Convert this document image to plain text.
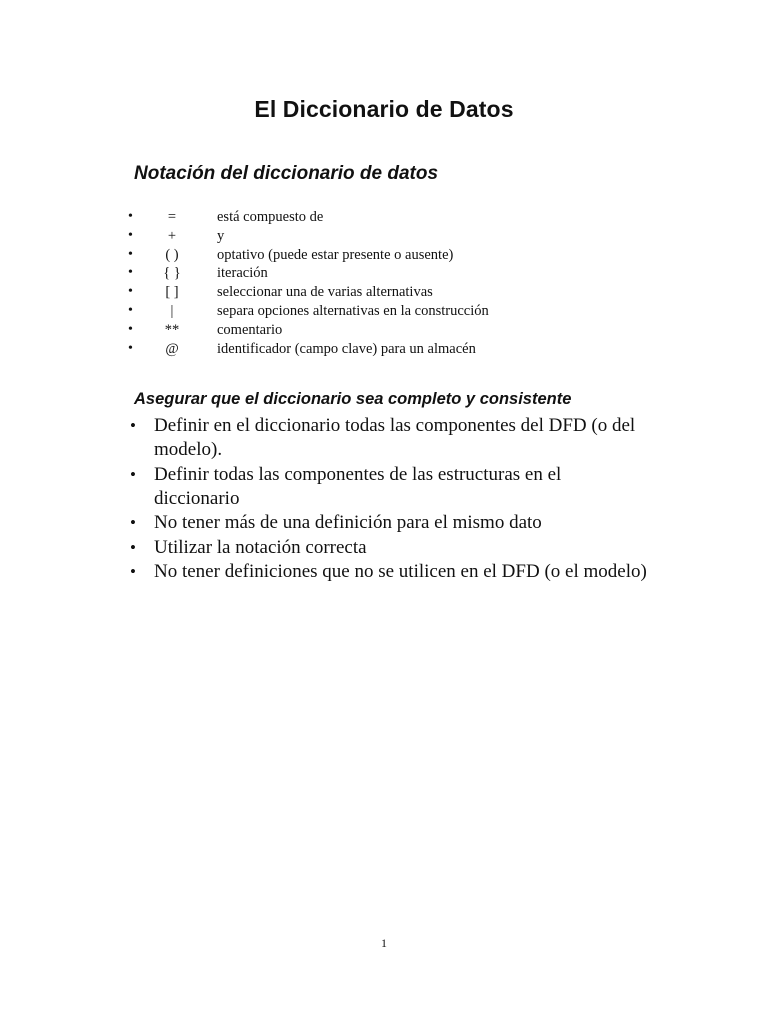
El Diccionario de Datos
Notación del diccionario de datos
•	=	está compuesto de
•	+	y
•	( )	optativo (puede estar presente o ausente)
•	{ }	iteración
•	[ ]	seleccionar una de varias alternativas
•	|	separa opciones alternativas en la construcción
•	**	comentario
•	@	identificador (campo clave) para un almacén
Asegurar que el diccionario sea completo y consistente
• Definir en el diccionario todas las componentes del DFD (o del modelo).
• Definir todas las componentes de las estructuras en el diccionario
• No tener más de una definición para el mismo dato
• Utilizar la notación correcta
• No tener definiciones que no se utilicen en el DFD (o el modelo)
1
